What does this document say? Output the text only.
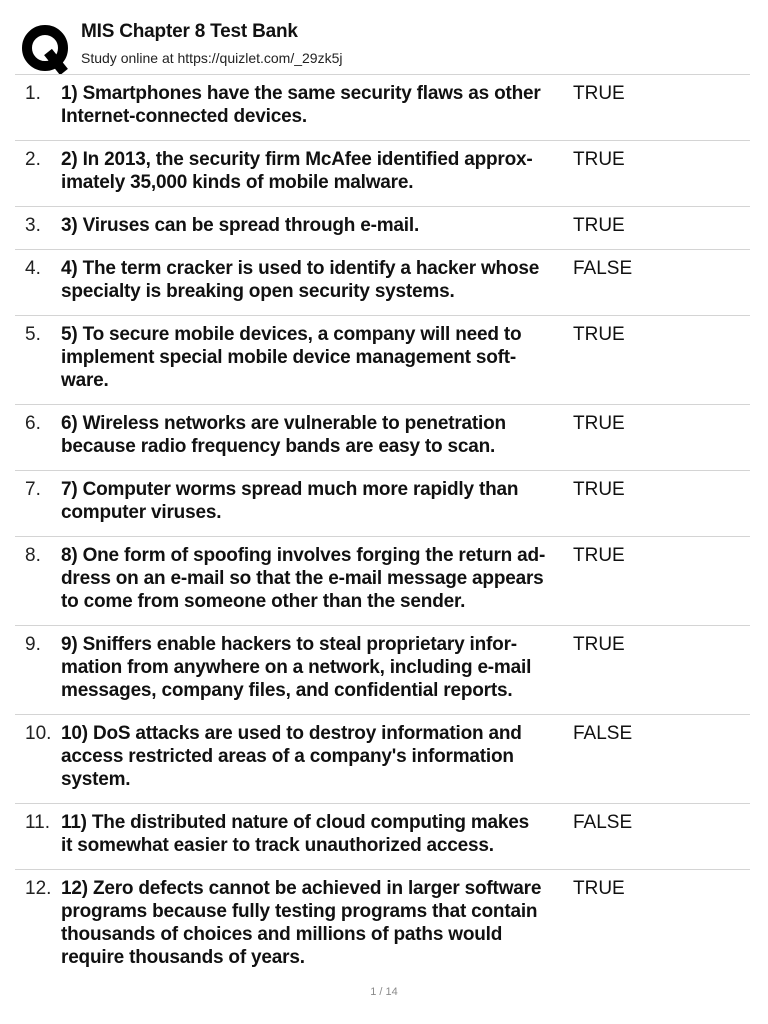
MIS Chapter 8 Test Bank
Study online at https://quizlet.com/_29zk5j
1. 1) Smartphones have the same security flaws as other
Internet-connected devices.
TRUE
2. 2) In 2013, the security firm McAfee identified approx-
imately 35,000 kinds of mobile malware.
TRUE
3. 3) Viruses can be spread through e-mail.	TRUE
4. 4) The term cracker is used to identify a hacker whose
specialty is breaking open security systems.
FALSE
5. 5) To secure mobile devices, a company will need to
implement special mobile device management soft-
ware.
TRUE
6. 6) Wireless networks are vulnerable to penetration
because radio frequency bands are easy to scan.
TRUE
7. 7) Computer worms spread much more rapidly than
computer viruses.
TRUE
8. 8) One form of spoofing involves forging the return ad-
dress on an e-mail so that the e-mail message appears
to come from someone other than the sender.
TRUE
9. 9) Sniffers enable hackers to steal proprietary infor-
mation from anywhere on a network, including e-mail
messages, company files, and confidential reports.
TRUE
10. 10) DoS attacks are used to destroy information and
access restricted areas of a company's information
system.
FALSE
11. 11) The distributed nature of cloud computing makes
it somewhat easier to track unauthorized access.
FALSE
12. 12) Zero defects cannot be achieved in larger software
programs because fully testing programs that contain
thousands of choices and millions of paths would
require thousands of years.
TRUE
1 / 14
